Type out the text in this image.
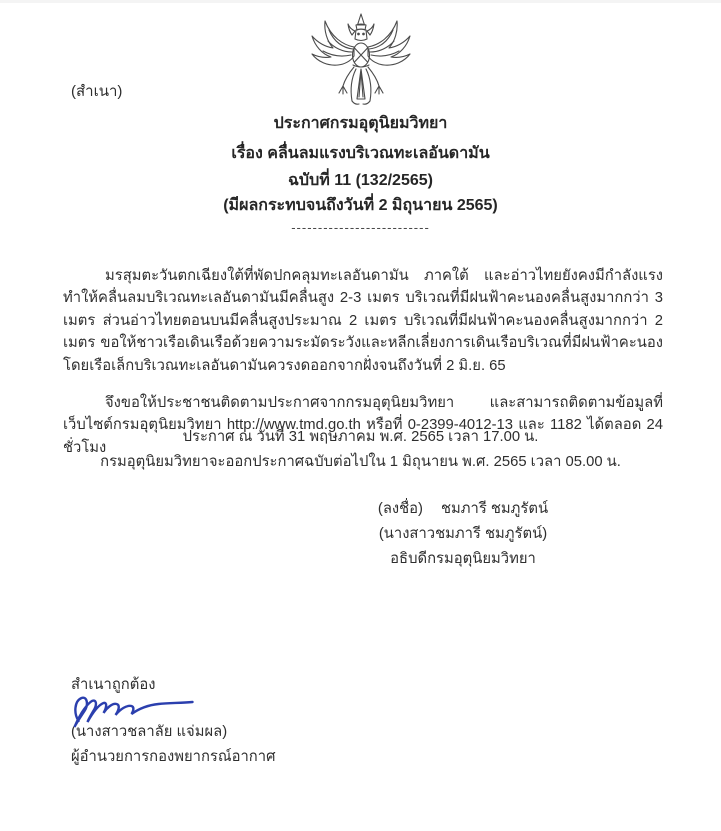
(สำเนา)
ประกาศกรมอุตุนิยมวิทยา
เรื่อง คลื่นลมแรงบริเวณทะเลอันดามัน
ฉบับที่ 11 (132/2565)
(มีผลกระทบจนถึงวันที่ 2 มิถุนายน 2565)
--------------------------

มรสุมตะวันตกเฉียงใต้ที่พัดปกคลุมทะเลอันดามัน ภาคใต้ และอ่าวไทยยังคงมีกำลังแรง ทำให้คลื่นลมบริเวณทะเลอันดามันมีคลื่นสูง 2-3 เมตร บริเวณที่มีฝนฟ้าคะนองคลื่นสูงมากกว่า 3 เมตร ส่วนอ่าวไทยตอนบนมีคลื่นสูงประมาณ 2 เมตร บริเวณที่มีฝนฟ้าคะนองคลื่นสูงมากกว่า 2 เมตร ขอให้ชาวเรือเดินเรือด้วยความระมัดระวังและหลีกเลี่ยงการเดินเรือบริเวณที่มีฝนฟ้าคะนอง โดยเรือเล็กบริเวณทะเลอันดามันควรงดออกจากฝั่งจนถึงวันที่ 2 มิ.ย. 65

จึงขอให้ประชาชนติดตามประกาศจากกรมอุตุนิยมวิทยา และสามารถติดตามข้อมูลที่เว็บไซต์กรมอุตุนิยมวิทยา http://www.tmd.go.th หรือที่ 0-2399-4012-13 และ 1182 ได้ตลอด 24 ชั่วโมง

ประกาศ ณ วันที่ 31 พฤษภาคม พ.ศ. 2565 เวลา 17.00 น.
กรมอุตุนิยมวิทยาจะออกประกาศฉบับต่อไปใน 1 มิถุนายน พ.ศ. 2565 เวลา 05.00 น.
(ลงชื่อ) ชมภารี ชมภูรัตน์
(นางสาวชมภารี ชมภูรัตน์)
อธิบดีกรมอุตุนิยมวิทยา
สำเนาถูกต้อง
(นางสาวชลาลัย แจ่มผล)
ผู้อำนวยการกองพยากรณ์อากาศ
